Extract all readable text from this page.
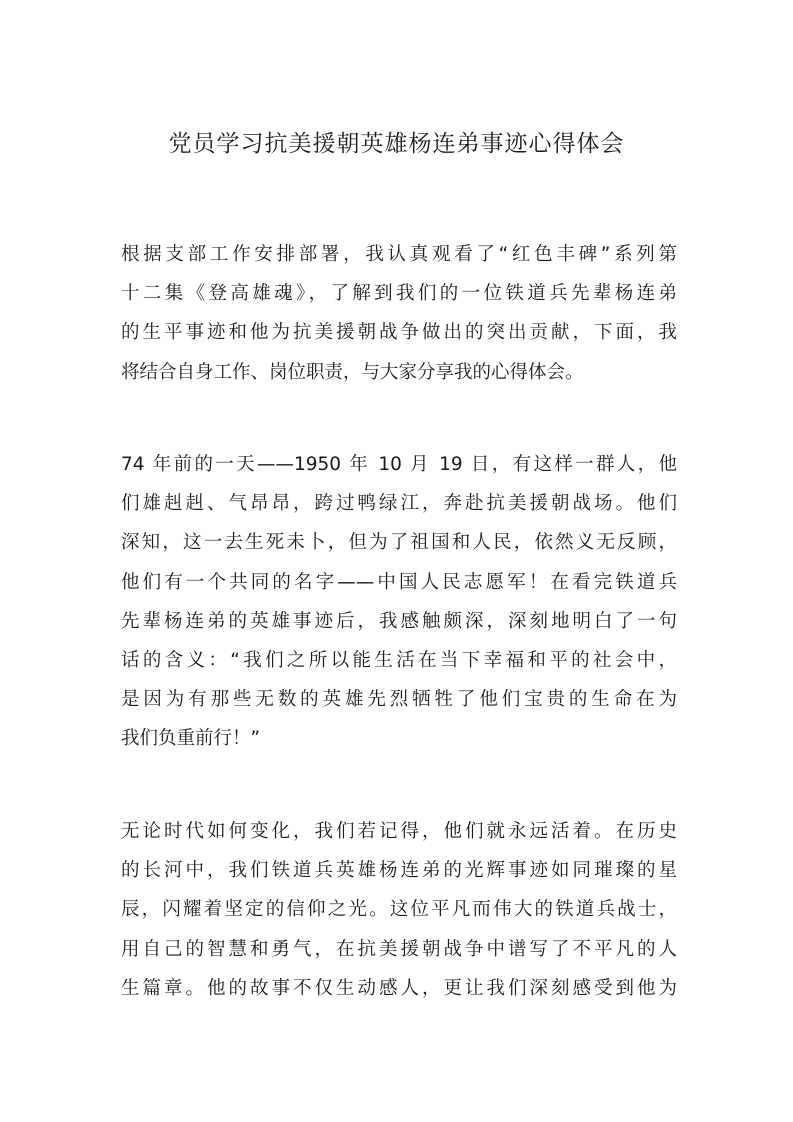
党员学习抗美援朝英雄杨连弟事迹心得体会
根据支部工作安排部署，我认真观看了“红色丰碑”系列第
十二集《登高雄魂》，了解到我们的一位铁道兵先辈杨连弟
的生平事迹和他为抗美援朝战争做出的突出贡献，下面，我
将结合自身工作、岗位职责，与大家分享我的心得体会。
74 年前的一天——1950 年 10 月 19 日，有这样一群人，他
们雄赳赳、气昂昂，跨过鸭绿江，奔赴抗美援朝战场。他们
深知，这一去生死未卜，但为了祖国和人民，依然义无反顾，
他们有一个共同的名字——中国人民志愿军！在看完铁道兵
先辈杨连弟的英雄事迹后，我感触颇深，深刻地明白了一句
话的含义：“我们之所以能生活在当下幸福和平的社会中，
是因为有那些无数的英雄先烈牺牲了他们宝贵的生命在为
我们负重前行！”
无论时代如何变化，我们若记得，他们就永远活着。在历史
的长河中，我们铁道兵英雄杨连弟的光辉事迹如同璀璨的星
辰，闪耀着坚定的信仰之光。这位平凡而伟大的铁道兵战士，
用自己的智慧和勇气，在抗美援朝战争中谱写了不平凡的人
生篇章。他的故事不仅生动感人，更让我们深刻感受到他为
